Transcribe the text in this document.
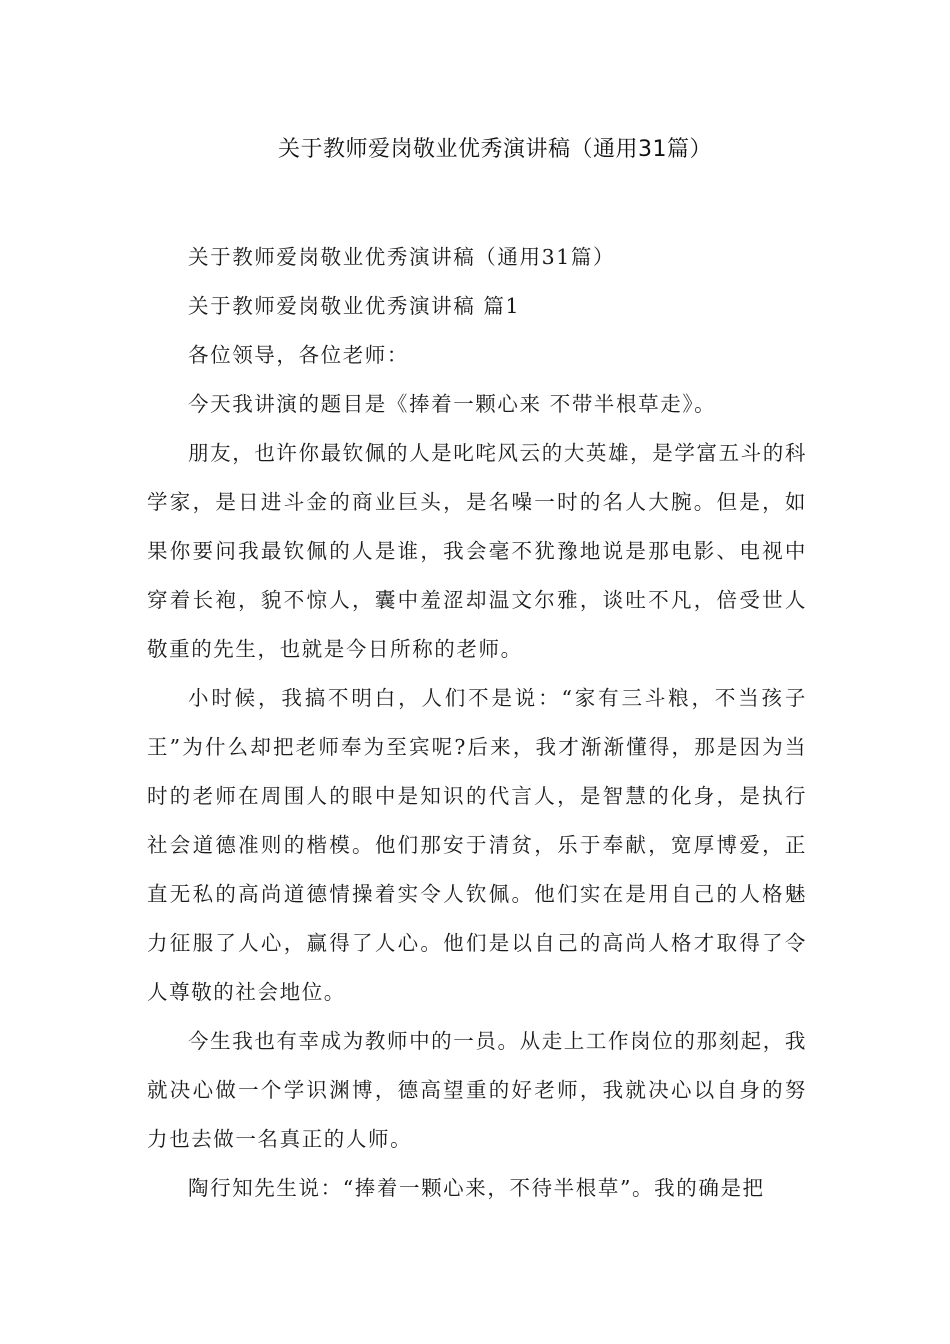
关于教师爱岗敬业优秀演讲稿（通用31篇）

关于教师爱岗敬业优秀演讲稿（通用31篇）

关于教师爱岗敬业优秀演讲稿 篇1

各位领导，各位老师：

今天我讲演的题目是《捧着一颗心来 不带半根草走》。

朋友，也许你最钦佩的人是叱咤风云的大英雄，是学富五斗的科学家，是日进斗金的商业巨头，是名噪一时的名人大腕。但是，如果你要问我最钦佩的人是谁，我会毫不犹豫地说是那电影、电视中穿着长袍，貌不惊人，囊中羞涩却温文尔雅，谈吐不凡，倍受世人敬重的先生，也就是今日所称的老师。

小时候，我搞不明白，人们不是说：“家有三斗粮，不当孩子王”为什么却把老师奉为至宾呢?后来，我才渐渐懂得，那是因为当时的老师在周围人的眼中是知识的代言人，是智慧的化身，是执行社会道德准则的楷模。他们那安于清贫，乐于奉献，宽厚博爱，正直无私的高尚道德情操着实令人钦佩。他们实在是用自己的人格魅力征服了人心，赢得了人心。他们是以自己的高尚人格才取得了令人尊敬的社会地位。

今生我也有幸成为教师中的一员。从走上工作岗位的那刻起，我就决心做一个学识渊博，德高望重的好老师，我就决心以自身的努力也去做一名真正的人师。

陶行知先生说：“捧着一颗心来，不待半根草”。我的确是把
